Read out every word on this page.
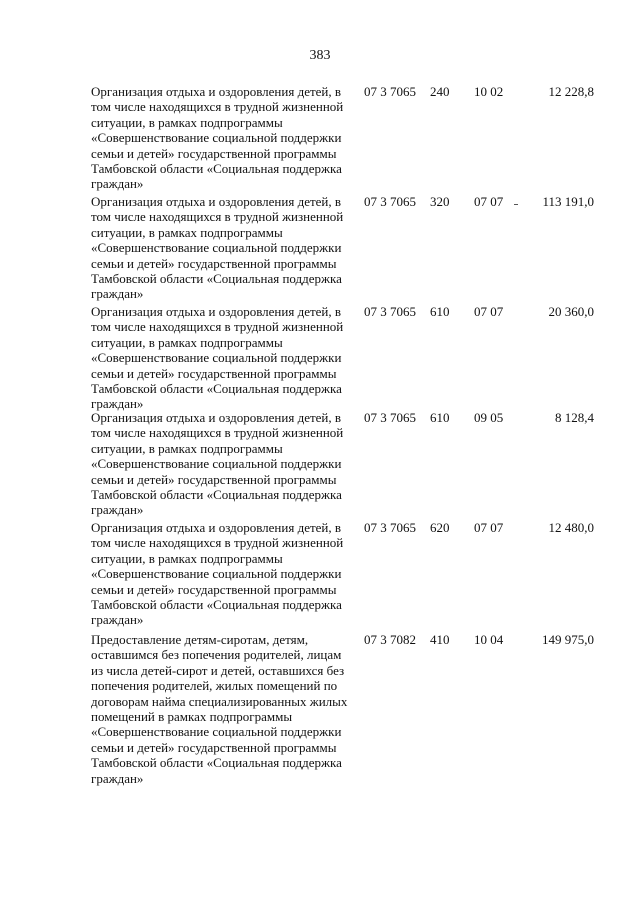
383
Организация отдыха и оздоровления детей, в том числе находящихся в трудной жизненной ситуации, в рамках подпрограммы «Совершенствование социальной поддержки семьи и детей» государственной программы Тамбовской области «Социальная поддержка граждан»
07 3 7065 240 10 02	12 228,8
Организация отдыха и оздоровления детей, в том числе находящихся в трудной жизненной ситуации, в рамках подпрограммы «Совершенствование социальной поддержки семьи и детей» государственной программы Тамбовской области «Социальная поддержка граждан»
07 3 7065 320 07 07	113 191,0
Организация отдыха и оздоровления детей, в том числе находящихся в трудной жизненной ситуации, в рамках подпрограммы «Совершенствование социальной поддержки семьи и детей» государственной программы Тамбовской области «Социальная поддержка граждан»
07 3 7065 610 07 07	20 360,0
Организация отдыха и оздоровления детей, в том числе находящихся в трудной жизненной ситуации, в рамках подпрограммы «Совершенствование социальной поддержки семьи и детей» государственной программы Тамбовской области «Социальная поддержка граждан»
07 3 7065 610 09 05	8 128,4
Организация отдыха и оздоровления детей, в том числе находящихся в трудной жизненной ситуации, в рамках подпрограммы «Совершенствование социальной поддержки семьи и детей» государственной программы Тамбовской области «Социальная поддержка граждан»
07 3 7065 620 07 07	12 480,0
Предоставление детям-сиротам, детям, оставшимся без попечения родителей, лицам из числа детей-сирот и детей, оставшихся без попечения родителей, жилых помещений по договорам найма специализированных жилых помещений в рамках подпрограммы «Совершенствование социальной поддержки семьи и детей» государственной программы Тамбовской области «Социальная поддержка граждан»
07 3 7082 410 10 04	149 975,0
